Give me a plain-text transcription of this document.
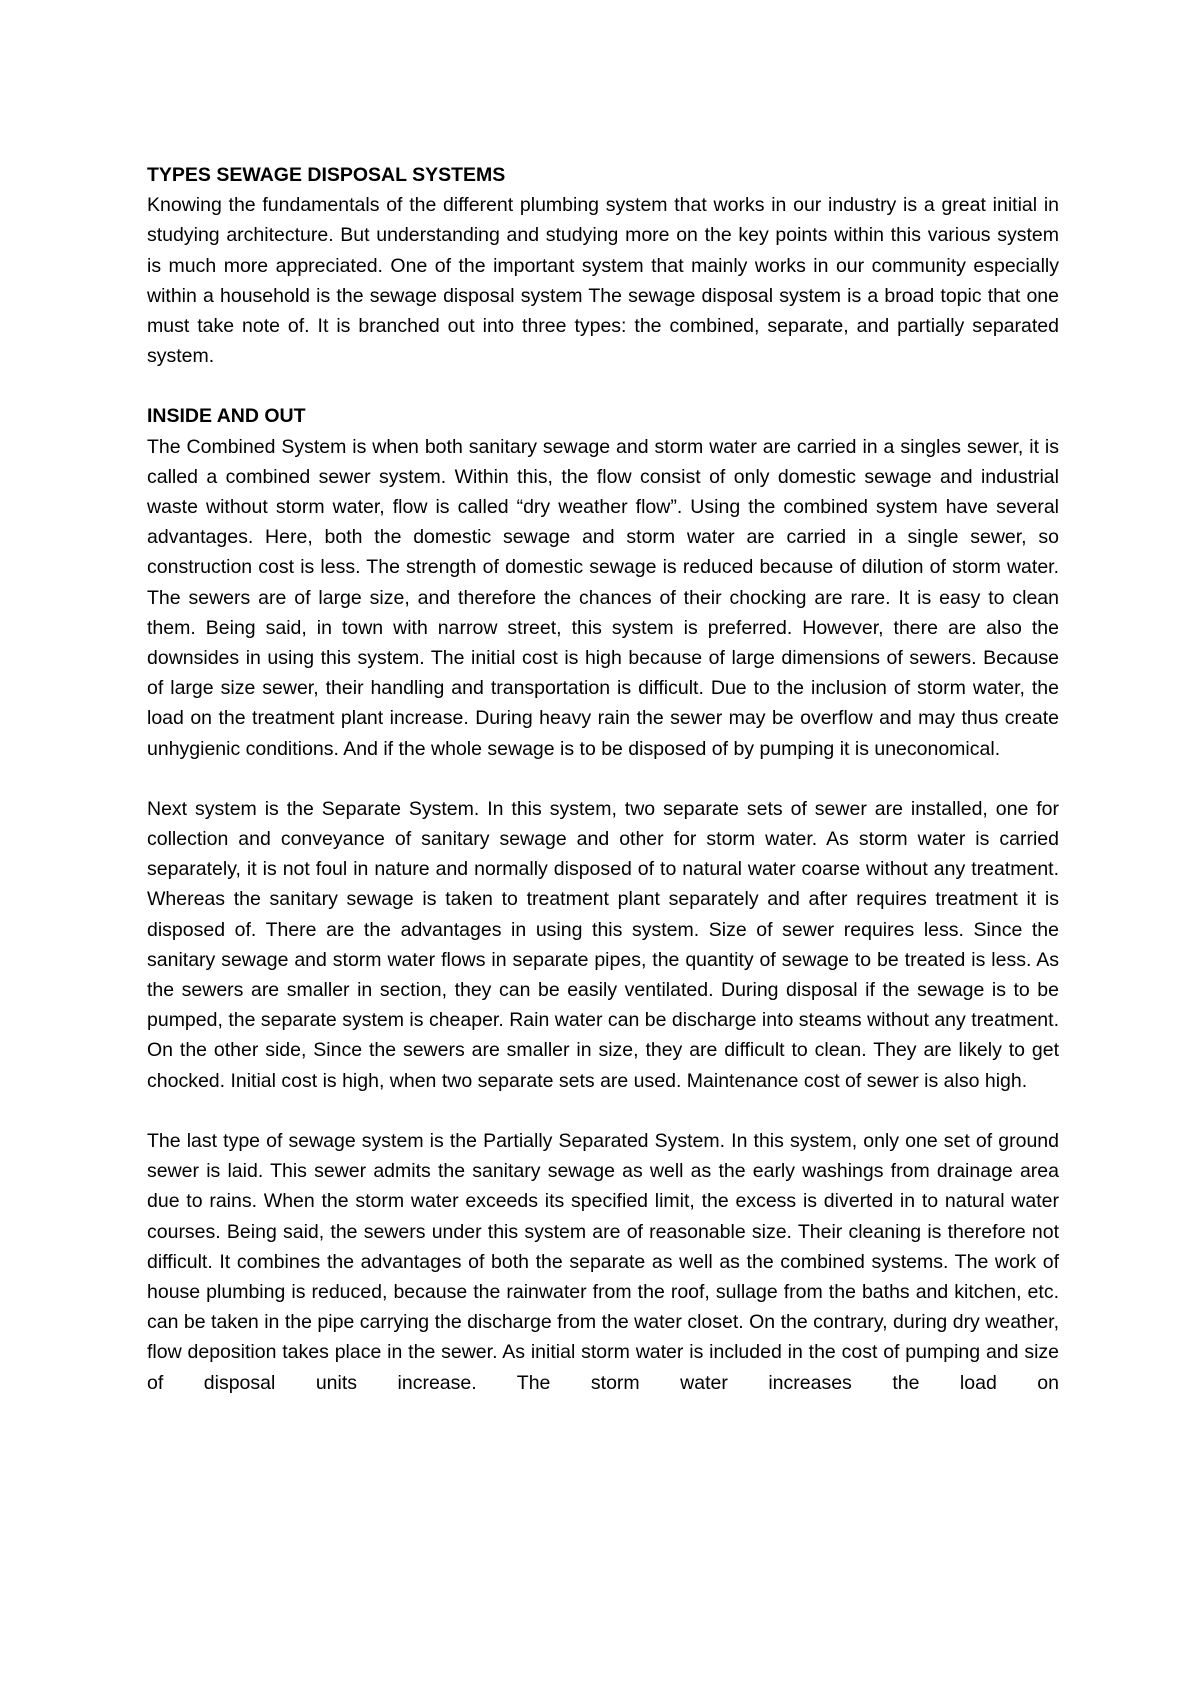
TYPES SEWAGE DISPOSAL SYSTEMS

Knowing the fundamentals of the different plumbing system that works in our industry is a great initial in studying architecture. But understanding and studying more on the key points within this various system is much more appreciated. One of the important system that mainly works in our community especially within a household is the sewage disposal system The sewage disposal system is a broad topic that one must take note of. It is branched out into three types: the combined, separate, and partially separated system.

INSIDE AND OUT

The Combined System is when both sanitary sewage and storm water are carried in a singles sewer, it is called a combined sewer system. Within this, the flow consist of only domestic sewage and industrial waste without storm water, flow is called “dry weather flow”. Using the combined system have several advantages. Here, both the domestic sewage and storm water are carried in a single sewer, so construction cost is less. The strength of domestic sewage is reduced because of dilution of storm water. The sewers are of large size, and therefore the chances of their chocking are rare. It is easy to clean them. Being said, in town with narrow street, this system is preferred. However, there are also the downsides in using this system. The initial cost is high because of large dimensions of sewers. Because of large size sewer, their handling and transportation is difficult. Due to the inclusion of storm water, the load on the treatment plant increase. During heavy rain the sewer may be overflow and may thus create unhygienic conditions. And if the whole sewage is to be disposed of by pumping it is uneconomical.

Next system is the Separate System. In this system, two separate sets of sewer are installed, one for collection and conveyance of sanitary sewage and other for storm water. As storm water is carried separately, it is not foul in nature and normally disposed of to natural water coarse without any treatment. Whereas the sanitary sewage is taken to treatment plant separately and after requires treatment it is disposed of. There are the advantages in using this system. Size of sewer requires less. Since the sanitary sewage and storm water flows in separate pipes, the quantity of sewage to be treated is less. As the sewers are smaller in section, they can be easily ventilated. During disposal if the sewage is to be pumped, the separate system is cheaper. Rain water can be discharge into steams without any treatment. On the other side, Since the sewers are smaller in size, they are difficult to clean. They are likely to get chocked. Initial cost is high, when two separate sets are used. Maintenance cost of sewer is also high.

The last type of sewage system is the Partially Separated System. In this system, only one set of ground sewer is laid. This sewer admits the sanitary sewage as well as the early washings from drainage area due to rains. When the storm water exceeds its specified limit, the excess is diverted in to natural water courses. Being said, the sewers under this system are of reasonable size. Their cleaning is therefore not difficult. It combines the advantages of both the separate as well as the combined systems. The work of house plumbing is reduced, because the rainwater from the roof, sullage from the baths and kitchen, etc. can be taken in the pipe carrying the discharge from the water closet. On the contrary, during dry weather, flow deposition takes place in the sewer. As initial storm water is included in the cost of pumping and size of disposal units increase. The storm water increases the load on
